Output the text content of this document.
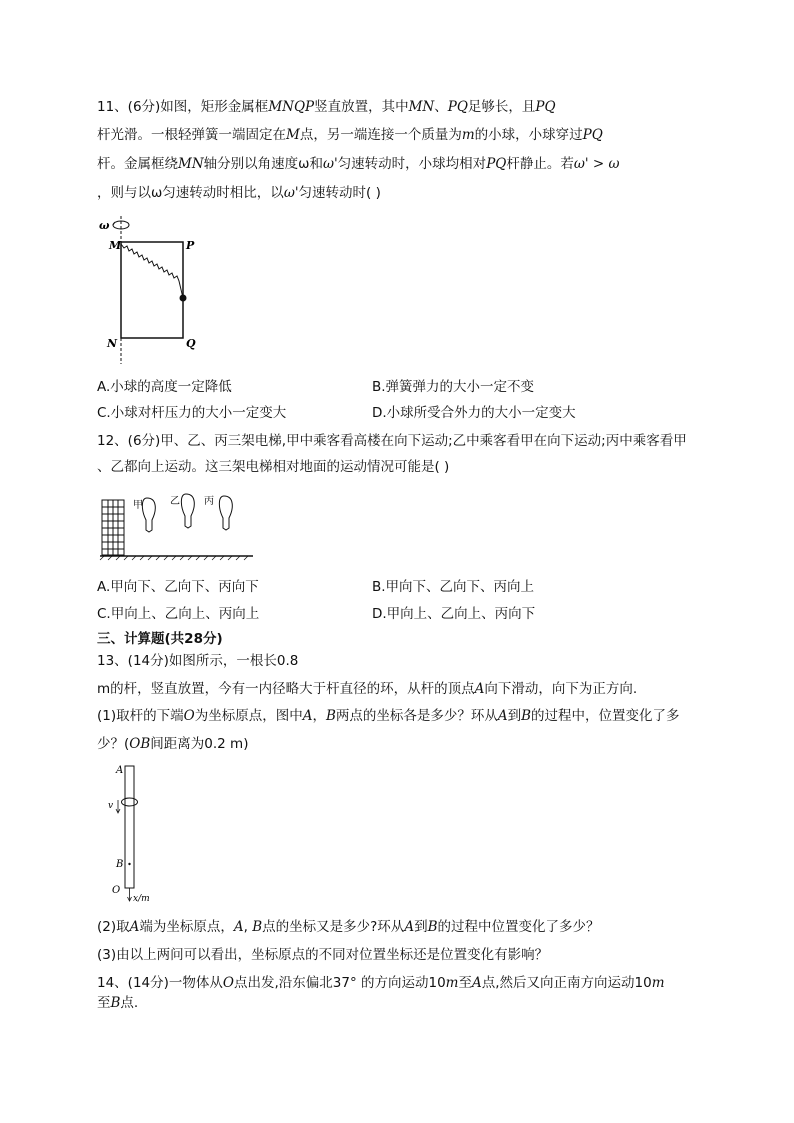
11、(6分)如图，矩形金属框MNQP竖直放置，其中MN、PQ足够长，且PQ
杆光滑。一根轻弹簧一端固定在M点，另一端连接一个质量为m的小球，小球穿过PQ
杆。金属框绕MN轴分别以角速度ω和ω'匀速转动时，小球均相对PQ杆静止。若ω' > ω
，则与以ω匀速转动时相比，以ω'匀速转动时( )
ω
M	P
N	Q
A.小球的高度一定降低	B.弹簧弹力的大小一定不变
C.小球对杆压力的大小一定变大	D.小球所受合外力的大小一定变大
12、(6分)甲、乙、丙三架电梯,甲中乘客看高楼在向下运动;乙中乘客看甲在向下运动;丙中乘客看甲
、乙都向上运动。这三架电梯相对地面的运动情况可能是( )
甲	乙 丙
A.甲向下、乙向下、丙向下	B.甲向下、乙向下、丙向上
C.甲向上、乙向上、丙向上	D.甲向上、乙向上、丙向下
三、计算题(共28分)
13、(14分)如图所示，一根长0.8
m的杆，竖直放置，今有一内径略大于杆直径的环，从杆的顶点A向下滑动，向下为正方向.
(1)取杆的下端O为坐标原点，图中A，B两点的坐标各是多少？环从A到B的过程中，位置变化了多
少？(OB间距离为0.2 m)
A
v
B
O
x/m
(2)取A端为坐标原点，A, B点的坐标又是多少?环从A到B的过程中位置变化了多少？
(3)由以上两问可以看出，坐标原点的不同对位置坐标还是位置变化有影响？
14、(14分)一物体从O点出发,沿东偏北37° 的方向运动10m至A点,然后又向正南方向运动10m
至B点.
